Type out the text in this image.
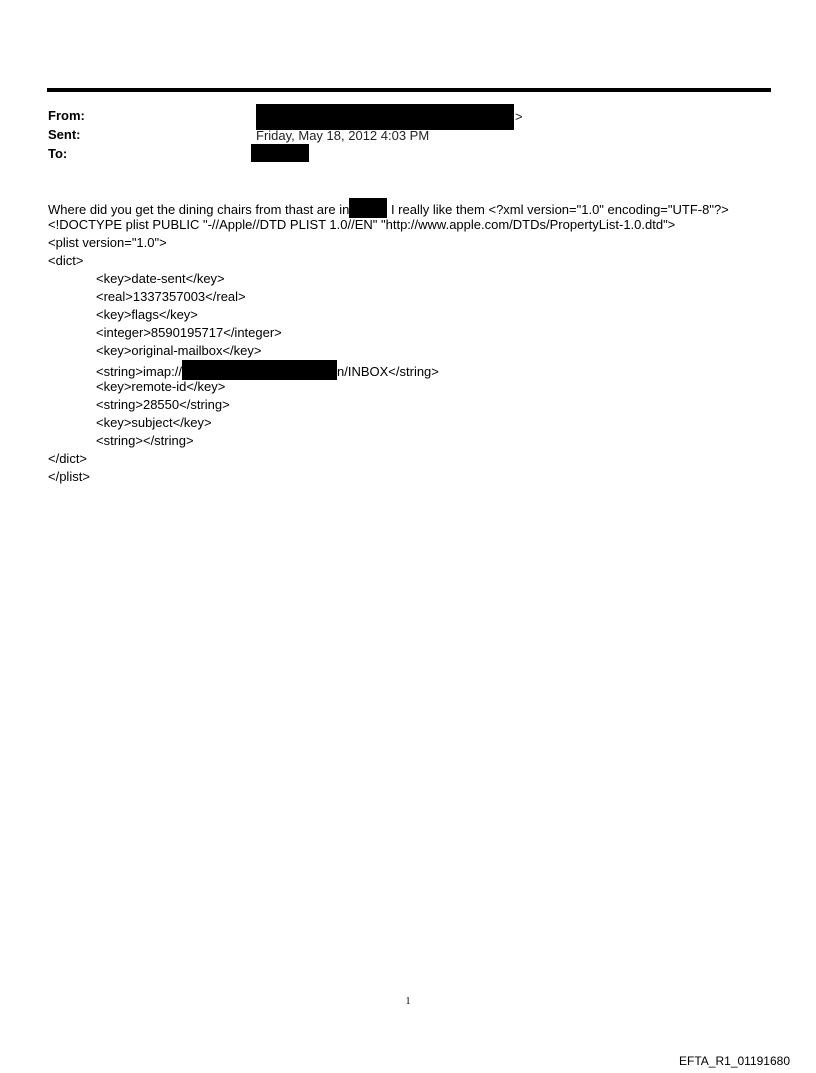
From:	>
Sent:	Friday, May 18, 2012 4:03 PM
To:
Where did you get the dining chairs from thast are in	I really like them <?xml version="1.0" encoding="UTF-8"?>
<!DOCTYPE plist PUBLIC "-//Apple//DTD PLIST 1.0//EN" "http://www.apple.com/DTDs/PropertyList-1.0.dtd">
<plist version="1.0">
<dict>
<key>date-sent</key>
<real>1337357003</real>
<key>flags</key>
<integer>8590195717</integer>
<key>original-mailbox</key>
<string>imap://	n/INBOX</string>
<key>remote-id</key>
<string>28550</string>
<key>subject</key>
<string></string>
</dict>
</plist>
1
EFTA_R1_01191680
